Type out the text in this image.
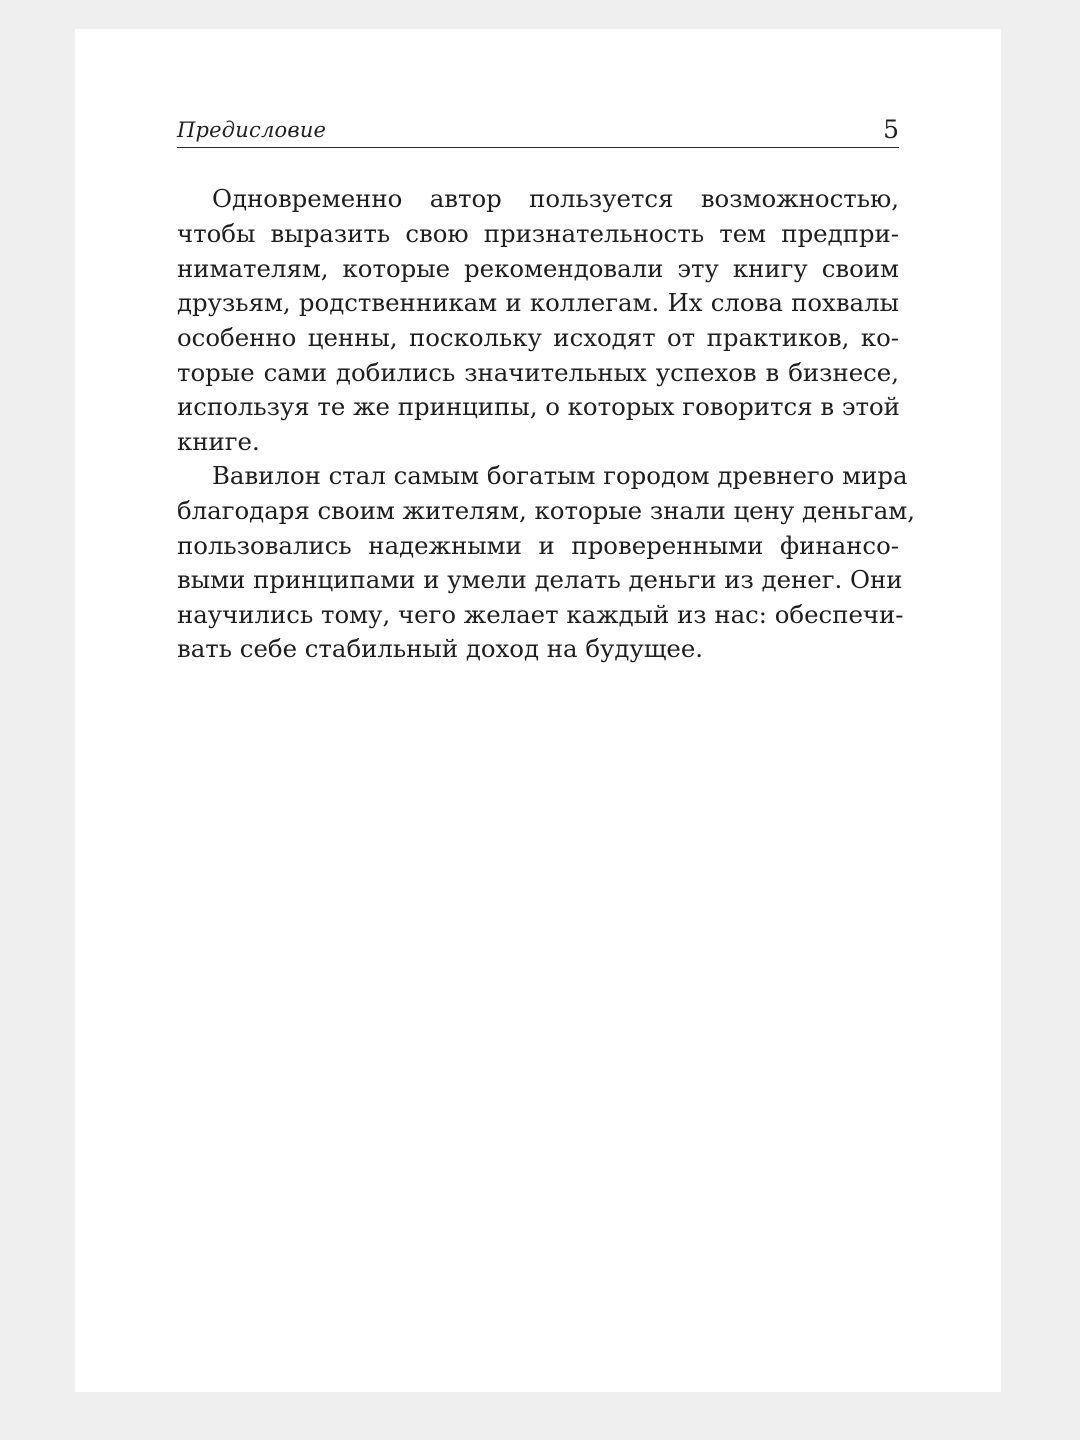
Предисловие	5
Одновременно автор пользуется возможностью,
чтобы выразить свою признательность тем предпри-
нимателям, которые рекомендовали эту книгу своим
друзьям, родственникам и коллегам. Их слова похвалы
особенно ценны, поскольку исходят от практиков, ко-
торые сами добились значительных успехов в бизнесе,
используя те же принципы, о которых говорится в этой
книге.
Вавилон стал самым богатым городом древнего мира
благодаря своим жителям, которые знали цену деньгам,
пользовались надежными и проверенными финансо-
выми принципами и умели делать деньги из денег. Они
научились тому, чего желает каждый из нас: обеспечи-
вать себе стабильный доход на будущее.
